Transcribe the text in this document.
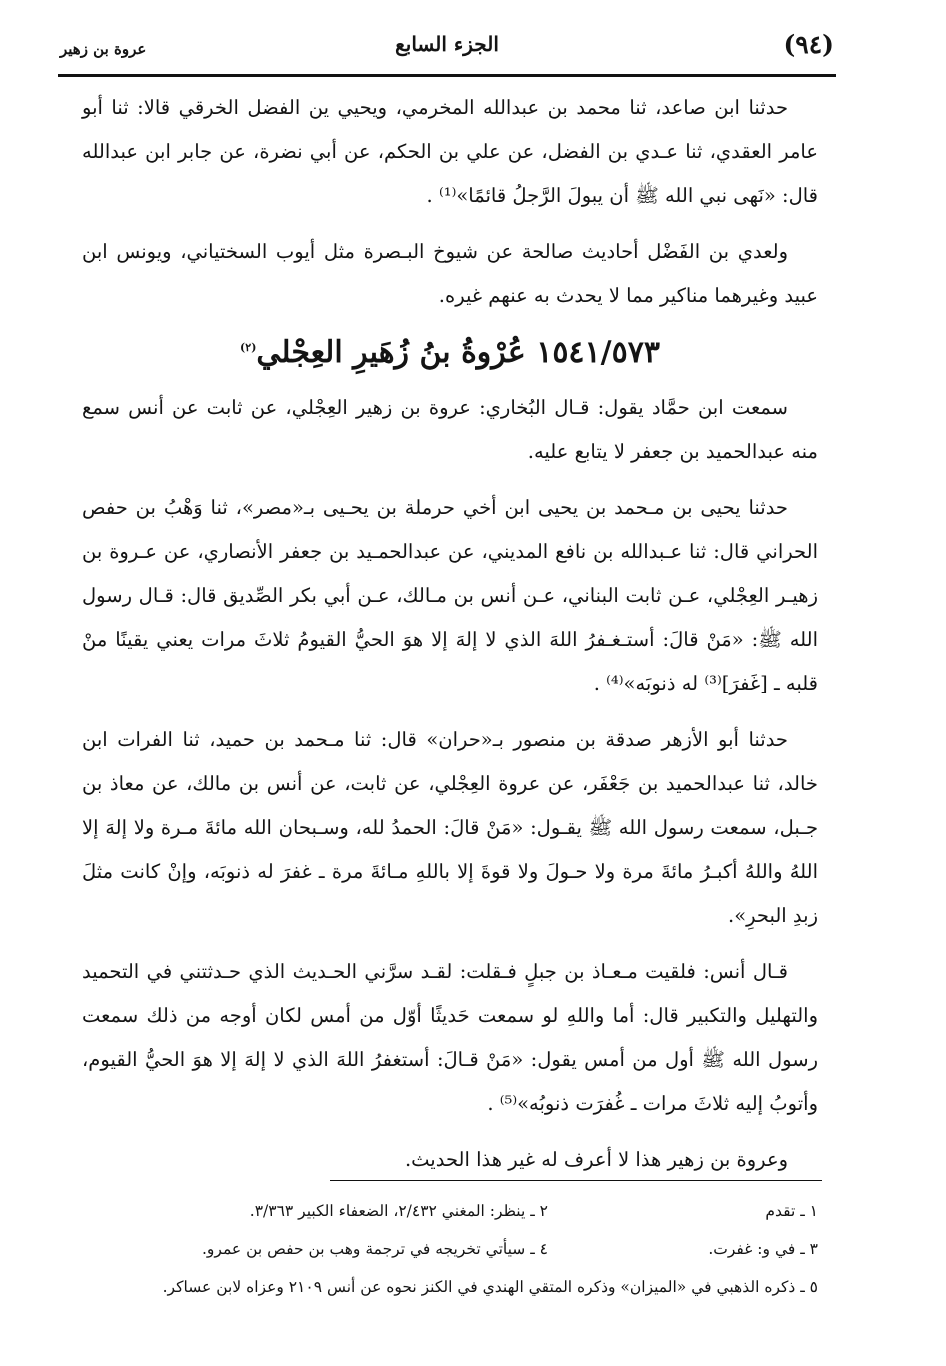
(٩٤)
الجزء السابع
عروة بن زهير

حدثنا ابن صاعد، ثنا محمد بن عبدالله المخرمي، ويحيي ين الفضل الخرقي قالا: ثنا أبو عامر العقدي، ثنا عـدي بن الفضل، عن علي بن الحكم، عن أبي نضرة، عن جابر ابن عبدالله قال: «نَهى نبي الله ﷺ أن يبولَ الرَّجلُ قائمًا»⁽¹⁾ .

ولعدي بن الفَضْل أحاديث صالحة عن شيوخ البـصرة مثل أيوب السختياني، ويونس ابن عبيد وغيرهما مناكير مما لا يحدث به عنهم غيره.

١٥٤١/٥٧٣ عُرْوةُ بنُ زُهَيرِ العِجْلي$^{(٢)}$

سمعت ابن حمَّاد يقول: قـال البُخاري: عروة بن زهير العِجْلي، عن ثابت عن أنس سمع منه عبدالحميد بن جعفر لا يتابع عليه.

حدثنا يحيى بن مـحمد بن يحيى ابن أخي حرملة بن يحـيى بـ«مصر»، ثنا وَهْبُ بن حفص الحراني قال: ثنا عـبدالله بن نافع المديني، عن عبدالحمـيد بن جعفر الأنصاري، عن عـروة بن زهيـر العِجْلي، عـن ثابت البناني، عـن أنس بن مـالك، عـن أبي بكر الصِّديق قال: قـال رسول الله ﷺ: «مَنْ قالَ: أستـغـفرُ اللهَ الذي لا إلهَ إلا هوَ الحيُّ القيومُ ثلاثَ مرات يعني يقينًا منْ قلبه ـ [غَفرَ]⁽³⁾ له ذنوبَه»⁽⁴⁾ .

حدثنا أبو الأزهر صدقة بن منصور بـ«حران» قال: ثنا مـحمد بن حميد، ثنا الفرات ابن خالد، ثنا عبدالحميد بن جَعْفَر، عن عروة العِجْلي، عن ثابت، عن أنس بن مالك، عن معاذ بن جـبل، سمعت رسول الله ﷺ يقـول: «مَنْ قالَ: الحمدُ لله، وسـبحان الله مائةَ مـرة ولا إلهَ إلا اللهُ واللهُ أكبـرُ مائةَ مرة ولا حـولَ ولا قوةَ إلا باللهِ مـائةَ مرة ـ غفرَ له ذنوبَه، وإنْ كانت مثلَ زبدِ البحرِ».

قـال أنس: فلقيت مـعـاذ بن جبلٍ فـقلت: لقـد سرَّني الحـديث الذي حـدثتني في التحميد والتهليل والتكبير قال: أما واللهِ لو سمعت حَديثًا أوّل من أمس لكان أوجه من ذلك سمعت رسول الله ﷺ أول من أمس يقول: «مَنْ قـالَ: أستغفرُ اللهَ الذي لا إلهَ إلا هوَ الحيُّ القيوم، وأتوبُ إليه ثلاثَ مرات ـ غُفرَت ذنوبُه»⁽⁵⁾ .

وعروة بن زهير هذا لا أعرف له غير هذا الحديث.

١ ـ تقدم
٢ ـ ينظر: المغني ٢/٤٣٢، الضعفاء الكبير ٣/٣٦٣.
٣ ـ في و: غفرت.
٤ ـ سيأتي تخريجه في ترجمة وهب بن حفص بن عمرو.
٥ ـ ذكره الذهبي في «الميزان» وذكره المتقي الهندي في الكنز نحوه عن أنس ٢١٠٩ وعزاه لابن عساكر.
